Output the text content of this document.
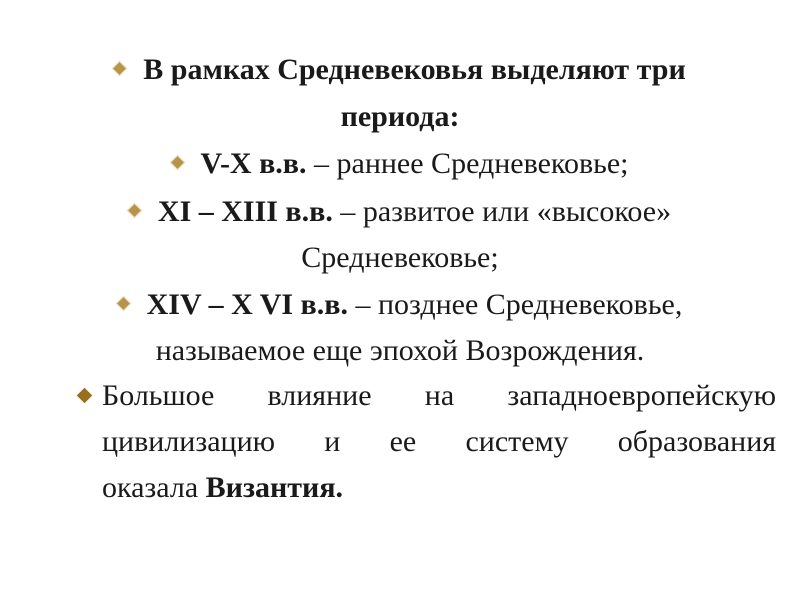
В рамках Средневековья выделяют три
периода:
V-X в.в. – раннее Средневековье;
XI – XIII в.в. – развитое или «высокое»
Средневековье;
XIV – X VI в.в. – позднее Средневековье,
называемое еще эпохой Возрождения.
Большое влияние на западноевропейскую
цивилизацию и ее систему образования
оказала Византия.
